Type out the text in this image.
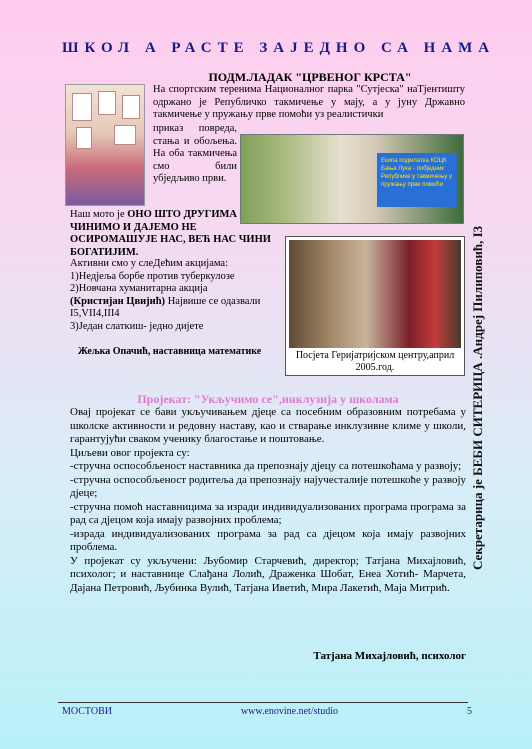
ШКОЛ А РАСТЕ ЗАЈЕДНО СА НАМА
Секретарица је БЕБИ СИТЕРИЦА .Андреј Пилиповић, I3
ПОДМ.ЛАДАК "ЦРВЕНОГ КРСТА"
На спортским теренима Националног парка "Сутјеска" наТјентишту одржано је Републичко такмичење у мају, а у јуну Државно такмичење у пружању прве помоћи уз реалистички
приказ повреда, стања и обољења. На оба такмичења смо били убједљиво први.
Екипа подмлатка КОЦК Бања Лука - побједник Републике у такмичењу у пружању прве помоћи
Наш мото је ОНО ШТО ДРУГИМА ЧИНИМО И ДАЈЕМО НЕ ОСИРОМАШУЈЕ НАС, ВЕЋ НАС ЧИНИ БОГАТИЈИМ.
Активни смо у слеДећим акцијама:
1)Недјеља борбе против туберкулозе
2)Новчана хуманитарна акција
(Кристијан Цвијић) Највише се одазвали I5,VII4,III4
3)Један слаткиш- једно дијете
Жељка Опачић, наставница математике	Посјета Геријатријском центру,април 2005.год.
Пројекат: "Укључимо се",инклузија у школама

Овај пројекат се бави укључивањем дјеце са посебним образовним потребама у школске активности и редовну наставу, као и стварање инклузивне климе у школи, гарантујући сваком ученику благостање и поштовање.

Циљеви овог пројекта су:

-стручна оспособљеност наставника да препознају дјецу са потешкоћама у развоју;

-стручна оспособљеност родитеља да препознају најучесталије потешкоће у развоју дјеце;

-стручна помоћ наставницима за изради индивидуализованих програма програма за рад са дјецом која имају развојних проблема;

-израда индивидуализованих програма за рад са дјецом која имају развојних проблема.

У пројекат су укључени: Љубомир Старчевић, директор; Татјана Михајловић, психолог; и наставнице Слађана Лолић, Драженка Шобат, Енеа Хотић- Марчета, Дајана Петровић, Љубинка Вулић, Татјана Иветић, Мира Лакетић, Маја Митрић.

Татјана Михајловић, психолог
МОСТОВИ	www.enovine.net/studio	5
